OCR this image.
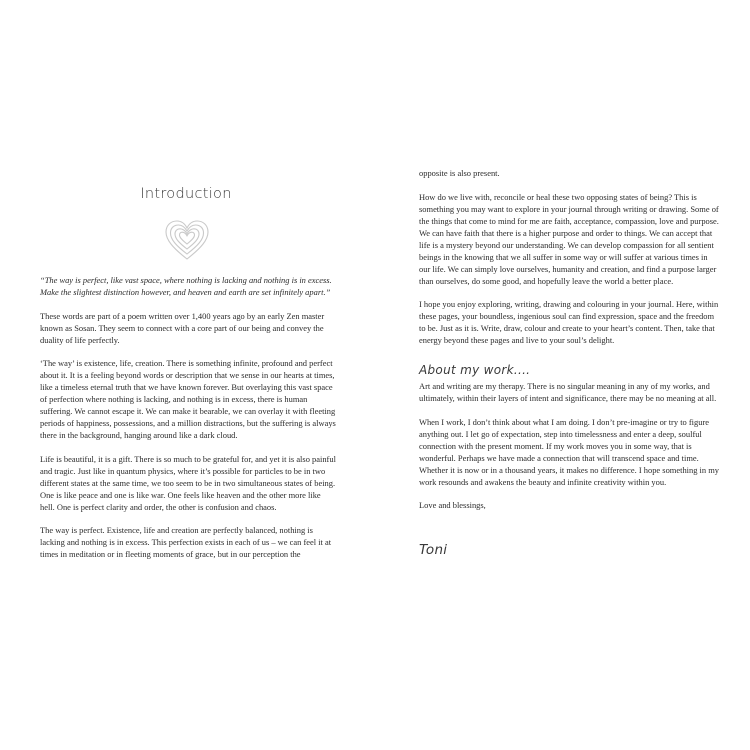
Introduction

“The way is perfect, like vast space, where nothing is lacking and nothing is in excess. Make the slightest distinction however, and heaven and earth are set infinitely apart.”

These words are part of a poem written over 1,400 years ago by an early Zen master known as Sosan. They seem to connect with a core part of our being and convey the duality of life perfectly.

‘The way’ is existence, life, creation. There is something infinite, profound and perfect about it. It is a feeling beyond words or description that we sense in our hearts at times, like a timeless eternal truth that we have known forever. But overlaying this vast space of perfection where nothing is lacking, and nothing is in excess, there is human suffering. We cannot escape it. We can make it bearable, we can overlay it with fleeting periods of happiness, possessions, and a million distractions, but the suffering is always there in the background, hanging around like a dark cloud.

Life is beautiful, it is a gift. There is so much to be grateful for, and yet it is also painful and tragic. Just like in quantum physics, where it’s possible for particles to be in two different states at the same time, we too seem to be in two simultaneous states of being. One is like peace and one is like war. One feels like heaven and the other more like hell. One is perfect clarity and order, the other is confusion and chaos.

The way is perfect. Existence, life and creation are perfectly balanced, nothing is lacking and nothing is in excess. This perfection exists in each of us – we can feel it at times in meditation or in fleeting moments of grace, but in our perception the

opposite is also present.

How do we live with, reconcile or heal these two opposing states of being? This is something you may want to explore in your journal through writing or drawing. Some of the things that come to mind for me are faith, acceptance, compassion, love and purpose. We can have faith that there is a higher purpose and order to things. We can accept that life is a mystery beyond our understanding. We can develop compassion for all sentient beings in the knowing that we all suffer in some way or will suffer at various times in our life. We can simply love ourselves, humanity and creation, and find a purpose larger than ourselves, do some good, and hopefully leave the world a better place.

I hope you enjoy exploring, writing, drawing and colouring in your journal. Here, within these pages, your boundless, ingenious soul can find expression, space and the freedom to be. Just as it is. Write, draw, colour and create to your heart’s content. Then, take that energy beyond these pages and live to your soul’s delight.

About my work....

Art and writing are my therapy. There is no singular meaning in any of my works, and ultimately, within their layers of intent and significance, there may be no meaning at all.

When I work, I don’t think about what I am doing. I don’t pre-imagine or try to figure anything out. I let go of expectation, step into timelessness and enter a deep, soulful connection with the present moment. If my work moves you in some way, that is wonderful. Perhaps we have made a connection that will transcend space and time. Whether it is now or in a thousand years, it makes no difference. I hope something in my work resounds and awakens the beauty and infinite creativity within you.

Love and blessings,

Toni
